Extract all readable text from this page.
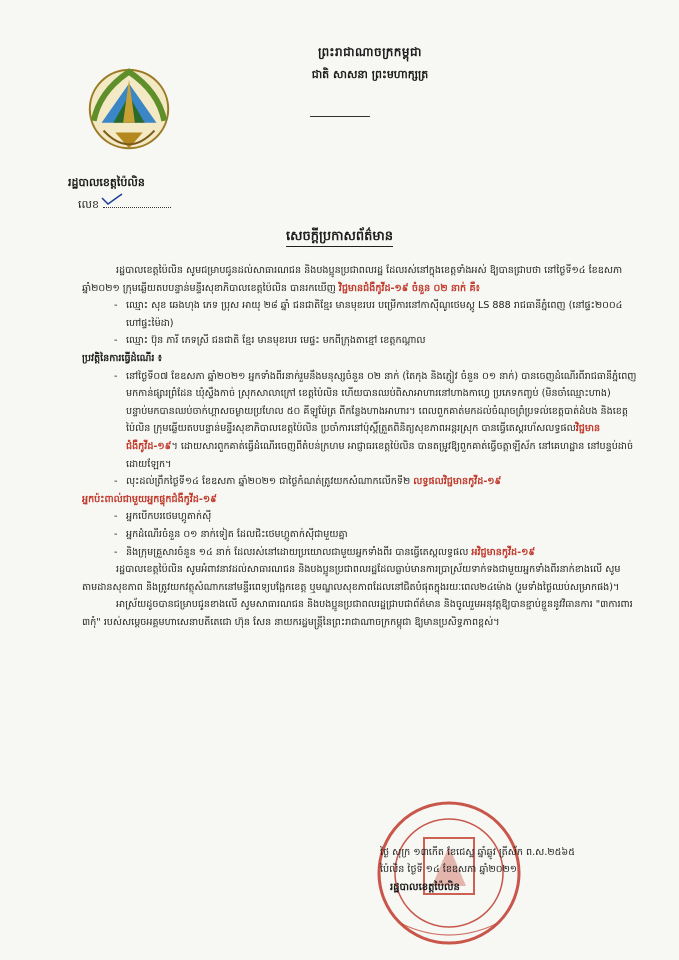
ព្រះរាជាណាចក្រកម្ពុជា
ជាតិ សាសនា ព្រះមហាក្សត្រ
រដ្ឋបាលខេត្តប៉ៃលិន
លេខ
សេចក្តីប្រកាសព័ត៌មាន

រដ្ឋបាលខេត្តប៉ៃលិន សូមជម្រាបជូនដល់សាធារណជន និងបងប្អូនប្រជាពលរដ្ឋ ដែលរស់នៅក្នុងខេត្តទាំងអស់ ឱ្យបានជ្រាបថា នៅថ្ងៃទី១៤ ខែឧសភា ឆ្នាំ២០២១ ក្រុមឆ្លើយតបបន្ទាន់មន្ទីរសុខាភិបាលខេត្តប៉ៃលិន បានរកឃើញ វិជ្ជមានជំងឺកូវីដ-១៩ ចំនួន ០២ នាក់ គឺ៖

- ឈ្មោះ សុខ ឆេងហុង ភេទ ប្រុស អាយុ ២៨ ឆ្នាំ ជនជាតិខ្មែរ មានមុខរបរ បម្រើការនៅកាស៊ីណូថេមស្តូ LS 888 រាជធានីភ្នំពេញ (នៅផ្ទះ២០០៤ ហៅផ្ទះម៉ៃដា)

- ឈ្មោះ ប៊ុន ភារី ភេទស្រី ជនជាតិ ខ្មែរ មានមុខរបរ មេផ្ទះ មកពីក្រុងតាខ្មៅ ខេត្តកណ្តាល

ប្រវត្តិនៃការធ្វើដំណើរ ៖

- នៅថ្ងៃទី០៧ ខែឧសភា ឆ្នាំ២០២១ អ្នកទាំងពីរនាក់រួមនឹងមនុស្សចំនួន ០២ នាក់ (តៃកុង និងភ្ញៀវ ចំនួន ០១ នាក់) បានចេញដំណើរពីរាជធានីភ្នំពេញ មកកាន់ផ្សារព្រំដែន ឃុំស្ទឹងកាច់ ស្រុកសាលាក្រៅ ខេត្តប៉ៃលិន ហើយបានឈប់ពិសាអាហារនៅហាងកាហ្វេ ប្រភេទកញ្ចប់ (មិនចាំឈ្មោះហាង) បន្ទាប់មកបានឈប់ចាក់ហ្គាសចម្ងាយប្រហែល ៥០ គីឡូម៉ែត្រ ពីកន្លែងហាងអាហារ។ ពេលពួកគាត់មកដល់ចំណុចព្រំប្រទល់ខេត្តបាត់ដំបង និងខេត្តប៉ៃលិន ក្រុមឆ្លើយតបបន្ទាន់មន្ទីរសុខាភិបាលខេត្តប៉ៃលិន ប្រចាំការនៅប៉ុស្តិ៍ត្រួតពិនិត្យសុខភាពអន្តរស្រុក បានធ្វើតេស្តរហ័សលទ្ធផលវិជ្ជមានជំងឺកូវីដ-១៩។ ដោយសារពួកគាត់ធ្វើដំណើរចេញពីតំបន់ក្រហម អាជ្ញាធរខេត្តប៉ៃលិន បានតម្រូវឱ្យពួកគាត់ធ្វើចត្តាឡីស័ក នៅគេហដ្ឋាន នៅបន្ទប់ដាច់ដោយឡែក។

- លុះដល់ព្រឹកថ្ងៃទី១៤ ខែឧសភា ឆ្នាំ២០២១ ជាថ្ងៃកំណត់ត្រូវយកសំណាកលើកទី២ លទ្ធផលវិជ្ជមានកូវីដ-១៩

អ្នកប៉ះពាល់ជាមួយអ្នកផ្ទុកជំងឺកូវីដ-១៩

- អ្នកបើកបរថេមហ្គូតាក់ស៊ី

- អ្នកដំណើរចំនួន ០១ នាក់ទៀត ដែលជិះថេមហ្គូតាក់ស៊ីជាមួយគ្នា

- និងក្រុមគ្រួសារចំនួន ១៤ នាក់ ដែលរស់នៅដោយប្រយោលជាមួយអ្នកទាំងពីរ បានធ្វើតេស្តលទ្ធផល អវិជ្ជមានកូវីដ-១៩

រដ្ឋបាលខេត្តប៉ៃលិន សូមអំពាវនាវដល់សាធារណជន និងបងប្អូនប្រជាពលរដ្ឋដែលធ្លាប់មានការប្រាស្រ័យទាក់ទងជាមួយអ្នកទាំងពីរនាក់ខាងលើ សូមតាមដានសុខភាព និងត្រូវយកវត្ថុសំណាកនៅមន្ទីរពេទ្យបង្អែកខេត្ត ឬមណ្ឌលសុខភាពដែលនៅជិតបំផុតក្នុងរយៈពេល២៤ម៉ោង (រួមទាំងថ្ងៃឈប់សម្រាកផង)។

អាស្រ័យដូចបានជម្រាបជូនខាងលើ សូមសាធារណជន និងបងប្អូនប្រជាពលរដ្ឋជ្រាបជាព័ត៌មាន និងចូលរួមអនុវត្តឱ្យបានខ្ជាប់ខ្ជួននូវវិធានការ "៣ការពារ ៣កុំ" របស់សម្តេចអគ្គមហាសេនាបតីតេជោ ហ៊ុន សែន នាយករដ្ឋមន្ត្រីនៃព្រះរាជាណាចក្រកម្ពុជា ឱ្យមានប្រសិទ្ធភាពខ្ពស់។

ថ្ងៃ សុក្រ ១៣កើត ខែជេស្ឋ ឆ្នាំឆ្លូវ ត្រីស័ក ព.ស.២៥៦៥
ប៉ៃលិន ថ្ងៃទី ១៤ ខែឧសភា ឆ្នាំ២០២១
រដ្ឋបាលខេត្តប៉ៃលិន
